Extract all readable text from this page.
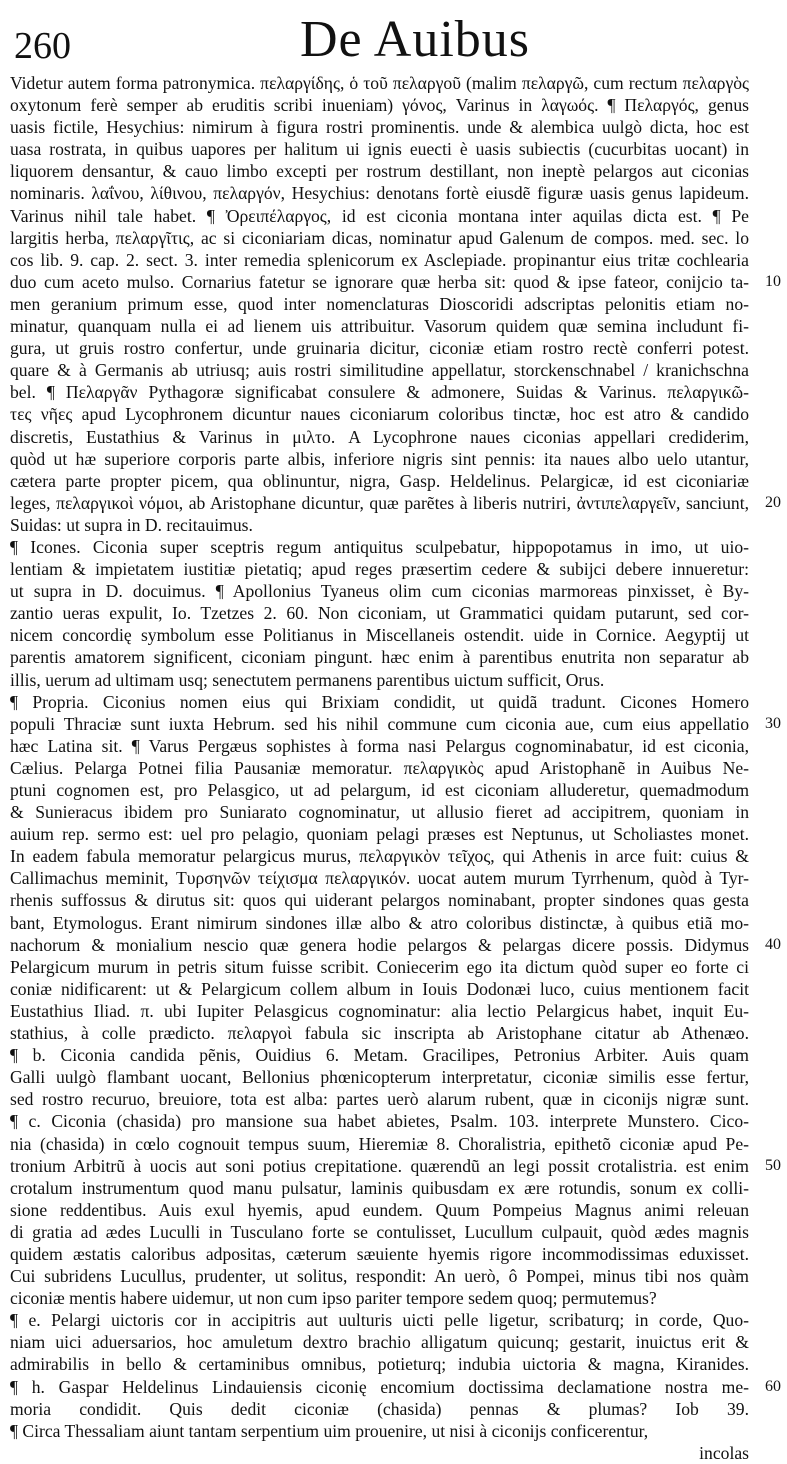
260	De Auibus
Videtur autem forma patronymica. πελαργίδης, ὁ τοῦ πελαργοῦ (malim πελαργῶ, cum rectum πελαργὸς
oxytonum ferè semper ab eruditis scribi inueniam) γόνος, Varinus in λαγωός. ¶ Πελαργός, genus
uasis fictile, Hesychius: nimirum à figura rostri prominentis. unde & alembica uulgò dicta, hoc est
uasa rostrata, in quibus uapores per halitum ui ignis euecti è uasis subiectis (cucurbitas uocant) in
liquorem densantur, & cauo limbo excepti per rostrum destillant, non ineptè pelargos aut ciconias
nominaris. λαΐνου, λίθινου, πελαργόν, Hesychius: denotans fortè eiusdẽ figuræ uasis genus lapideum.
Varinus nihil tale habet. ¶ Ὀρειπέλαργος, id est ciconia montana inter aquilas dicta est. ¶ Pe
largitis herba, πελαργῖτις, ac si ciconiariam dicas, nominatur apud Galenum de compos. med. sec. lo
cos lib. 9. cap. 2. sect. 3. inter remedia splenicorum ex Asclepiade. propinantur eius tritæ cochlearia
duo cum aceto mulso. Cornarius fatetur se ignorare quæ herba sit: quod & ipse fateor, conijcio ta- 10
men geranium primum esse, quod inter nomenclaturas Dioscoridi adscriptas pelonitis etiam no-
minatur, quanquam nulla ei ad lienem uis attribuitur. Vasorum quidem quæ semina includunt fi-
gura, ut gruis rostro confertur, unde gruinaria dicitur, ciconiæ etiam rostro rectè conferri potest.
quare & à Germanis ab utriusq; auis rostri similitudine appellatur, storckenschnabel / kranichschna
bel. ¶ Πελαργᾶν Pythagoræ significabat consulere & admonere, Suidas & Varinus. πελαργικῶ-
τες νῆες apud Lycophronem dicuntur naues ciconiarum coloribus tinctæ, hoc est atro & candido
discretis, Eustathius & Varinus in μιλτο. A Lycophrone naues ciconias appellari crediderim,
quòd ut hæ superiore corporis parte albis, inferiore nigris sint pennis: ita naues albo uelo utantur,
cætera parte propter picem, qua oblinuntur, nigra, Gasp. Heldelinus. Pelargicæ, id est ciconiariæ
leges, πελαργικοὶ νόμοι, ab Aristophane dicuntur, quæ parẽtes à liberis nutriri, ἀντιπελαργεῖν, sanciunt, 20
Suidas: ut supra in D. recitauimus.
¶ Icones. Ciconia super sceptris regum antiquitus sculpebatur, hippopotamus in imo, ut uio-
lentiam & impietatem iustitiæ pietatiq; apud reges præsertim cedere & subijci debere innueretur:
ut supra in D. docuimus. ¶ Apollonius Tyaneus olim cum ciconias marmoreas pinxisset, è By-
zantio ueras expulit, Io. Tzetzes 2. 60. Non ciconiam, ut Grammatici quidam putarunt, sed cor-
nicem concordię symbolum esse Politianus in Miscellaneis ostendit. uide in Cornice. Aegyptij ut
parentis amatorem significent, ciconiam pingunt. hæc enim à parentibus enutrita non separatur ab
illis, uerum ad ultimam usq; senectutem permanens parentibus uictum sufficit, Orus.
¶ Propria. Ciconius nomen eius qui Brixiam condidit, ut quidã tradunt. Cicones Homero
populi Thraciæ sunt iuxta Hebrum. sed his nihil commune cum ciconia aue, cum eius appellatio 30
hæc Latina sit. ¶ Varus Pergæus sophistes à forma nasi Pelargus cognominabatur, id est ciconia,
Cælius. Pelarga Potnei filia Pausaniæ memoratur. πελαργικὸς apud Aristophanẽ in Auibus Ne-
ptuni cognomen est, pro Pelasgico, ut ad pelargum, id est ciconiam alluderetur, quemadmodum
& Sunieracus ibidem pro Suniarato cognominatur, ut allusio fieret ad accipitrem, quoniam in
auium rep. sermo est: uel pro pelagio, quoniam pelagi præses est Neptunus, ut Scholiastes monet.
In eadem fabula memoratur pelargicus murus, πελαργικὸν τεῖχος, qui Athenis in arce fuit: cuius &
Callimachus meminit, Τυρσηνῶν τείχισμα πελαργικόν. uocat autem murum Tyrrhenum, quòd à Tyr-
rhenis suffossus & dirutus sit: quos qui uiderant pelargos nominabant, propter sindones quas gesta
bant, Etymologus. Erant nimirum sindones illæ albo & atro coloribus distinctæ, à quibus etiã mo-
nachorum & monialium nescio quæ genera hodie pelargos & pelargas dicere possis. Didymus 40
Pelargicum murum in petris situm fuisse scribit. Coniecerim ego ita dictum quòd super eo forte ci
coniæ nidificarent: ut & Pelargicum collem album in Iouis Dodonæi luco, cuius mentionem facit
Eustathius Iliad. π. ubi Iupiter Pelasgicus cognominatur: alia lectio Pelargicus habet, inquit Eu-
stathius, à colle prædicto. πελαργοὶ fabula sic inscripta ab Aristophane citatur ab Athenæo.
¶ b. Ciconia candida pẽnis, Ouidius 6. Metam. Gracilipes, Petronius Arbiter. Auis quam
Galli uulgò flambant uocant, Bellonius phœnicopterum interpretatur, ciconiæ similis esse fertur,
sed rostro recuruo, breuiore, tota est alba: partes uerò alarum rubent, quæ in ciconijs nigræ sunt.
¶ c. Ciconia (chasida) pro mansione sua habet abietes, Psalm. 103. interprete Munstero. Cico-
nia (chasida) in cœlo cognouit tempus suum, Hieremiæ 8. Choralistria, epithetõ ciconiæ apud Pe-
tronium Arbitrũ à uocis aut soni potius crepitatione. quærendũ an legi possit crotalistria. est enim 50
crotalum instrumentum quod manu pulsatur, laminis quibusdam ex ære rotundis, sonum ex colli-
sione reddentibus. Auis exul hyemis, apud eundem. Quum Pompeius Magnus animi releuan
di gratia ad ædes Luculli in Tusculano forte se contulisset, Lucullum culpauit, quòd ædes magnis
quidem æstatis caloribus adpositas, cæterum sæuiente hyemis rigore incommodissimas eduxisset.
Cui subridens Lucullus, prudenter, ut solitus, respondit: An uerò, ô Pompei, minus tibi nos quàm
ciconiæ mentis habere uidemur, ut non cum ipso pariter tempore sedem quoq; permutemus?
¶ e. Pelargi uictoris cor in accipitris aut uulturis uicti pelle ligetur, scribaturq; in corde, Quo-
niam uici aduersarios, hoc amuletum dextro brachio alligatum quicunq; gestarit, inuictus erit &
admirabilis in bello & certaminibus omnibus, potieturq; indubia uictoria & magna, Kiranides.
¶ h. Gaspar Heldelinus Lindauiensis ciconię encomium doctissima declamatione nostra me- 60
moria condidit. Quis dedit ciconiæ (chasida) pennas & plumas? Iob 39.
¶ Circa Thessaliam aiunt tantam serpentium uim prouenire, ut nisi à ciconijs conficerentur,
incolas
